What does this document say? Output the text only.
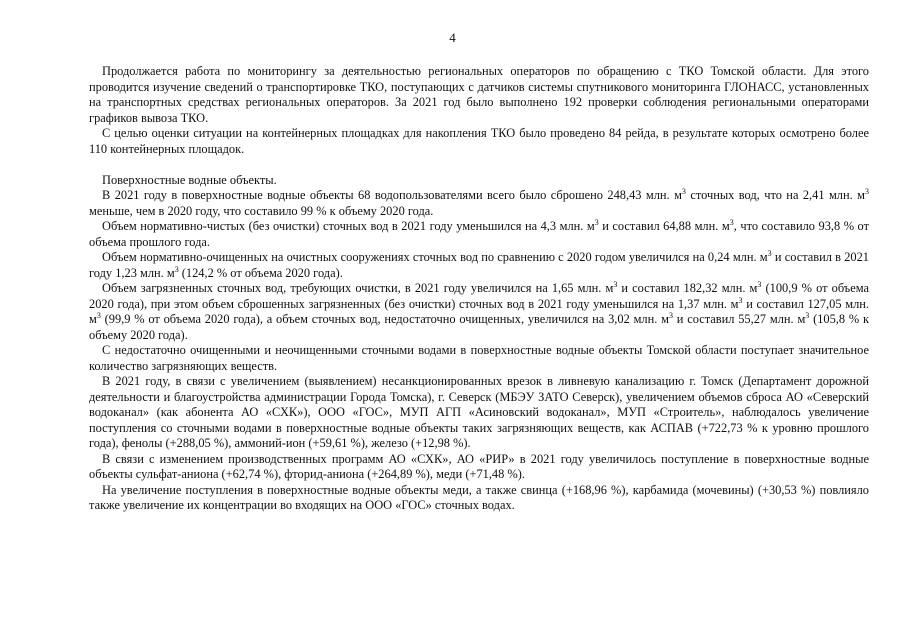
4

Продолжается работа по мониторингу за деятельностью региональных операторов по обращению с ТКО Томской области. Для этого проводится изучение сведений о транспортировке ТКО, поступающих с датчиков системы спутникового мониторинга ГЛОНАСС, установленных на транспортных средствах региональных операторов. За 2021 год было выполнено 192 проверки соблюдения региональными операторами графиков вывоза ТКО.

С целью оценки ситуации на контейнерных площадках для накопления ТКО было проведено 84 рейда, в результате которых осмотрено более 110 контейнерных площадок.

Поверхностные водные объекты.

В 2021 году в поверхностные водные объекты 68 водопользователями всего было сброшено 248,43 млн. $м^3$ сточных вод, что на 2,41 млн. $м^3$ меньше, чем в 2020 году, что составило 99 % к объему 2020 года.

Объем нормативно-чистых (без очистки) сточных вод в 2021 году уменьшился на 4,3 млн. $м^3$ и составил 64,88 млн. $м^3$, что составило 93,8 % от объема прошлого года.

Объем нормативно-очищенных на очистных сооружениях сточных вод по сравнению с 2020 годом увеличился на 0,24 млн. $м^3$ и составил в 2021 году 1,23 млн. $м^3$ (124,2 % от объема 2020 года).

Объем загрязненных сточных вод, требующих очистки, в 2021 году увеличился на 1,65 млн. $м^3$ и составил 182,32 млн. $м^3$ (100,9 % от объема 2020 года), при этом объем сброшенных загрязненных (без очистки) сточных вод в 2021 году уменьшился на 1,37 млн. $м^3$ и составил 127,05 млн. $м^3$ (99,9 % от объема 2020 года), а объем сточных вод, недостаточно очищенных, увеличился на 3,02 млн. $м^3$ и составил 55,27 млн. $м^3$ (105,8 % к объему 2020 года).

С недостаточно очищенными и неочищенными сточными водами в поверхностные водные объекты Томской области поступает значительное количество загрязняющих веществ.

В 2021 году, в связи с увеличением (выявлением) несанкционированных врезок в ливневую канализацию г. Томск (Департамент дорожной деятельности и благоустройства администрации Города Томска), г. Северск (МБЭУ ЗАТО Северск), увеличением объемов сброса АО «Северский водоканал» (как абонента АО «СХК»), ООО «ГОС», МУП АГП «Асиновский водоканал», МУП «Строитель», наблюдалось увеличение поступления со сточными водами в поверхностные водные объекты таких загрязняющих веществ, как АСПАВ (+722,73 % к уровню прошлого года), фенолы (+288,05 %), аммоний-ион (+59,61 %), железо (+12,98 %).

В связи с изменением производственных программ АО «СХК», АО «РИР» в 2021 году увеличилось поступление в поверхностные водные объекты сульфат-аниона (+62,74 %), фторид-аниона (+264,89 %), меди (+71,48 %).

На увеличение поступления в поверхностные водные объекты меди, а также свинца (+168,96 %), карбамида (мочевины) (+30,53 %) повлияло также увеличение их концентрации во входящих на ООО «ГОС» сточных водах.
